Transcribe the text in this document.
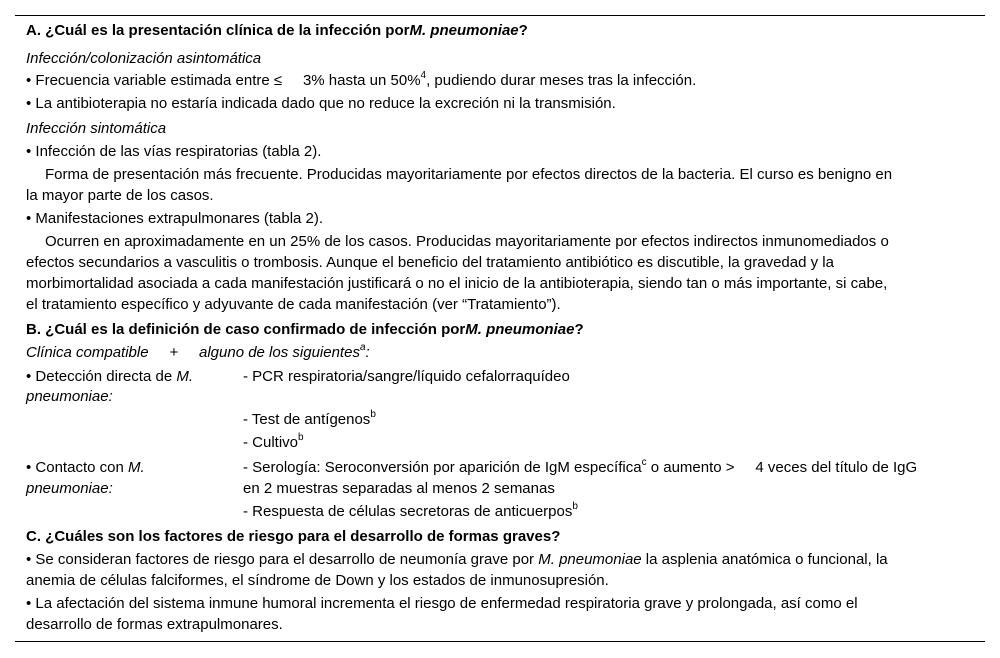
A. ¿Cuál es la presentación clínica de la infección porM. pneumoniae?
Infección/colonización asintomática
• Frecuencia variable estimada entre ≤     3% hasta un 50%$^4$, pudiendo durar meses tras la infección.
• La antibioterapia no estaría indicada dado que no reduce la excreción ni la transmisión.
Infección sintomática
• Infección de las vías respiratorias (tabla 2).
Forma de presentación más frecuente. Producidas mayoritariamente por efectos directos de la bacteria. El curso es benigno en
la mayor parte de los casos.
• Manifestaciones extrapulmonares (tabla 2).
Ocurren en aproximadamente en un 25% de los casos. Producidas mayoritariamente por efectos indirectos inmunomediados o
efectos secundarios a vasculitis o trombosis. Aunque el beneficio del tratamiento antibiótico es discutible, la gravedad y la
morbimortalidad asociada a cada manifestación justificará o no el inicio de la antibioterapia, siendo tan o más importante, si cabe,
el tratamiento específico y adyuvante de cada manifestación (ver “Tratamiento”).
B. ¿Cuál es la definición de caso confirmado de infección porM. pneumoniae?
Clínica compatible     +     alguno de los siguientes$^a$:
• Detección directa de M.
pneumoniae:
- PCR respiratoria/sangre/líquido cefalorraquídeo
- Test de antígenos$^b$
- Cultivo$^b$
• Contacto con M.
pneumoniae:
- Serología: Seroconversión por aparición de IgM específica$^c$ o aumento >     4 veces del título de IgG
en 2 muestras separadas al menos 2 semanas
- Respuesta de células secretoras de anticuerpos$^b$
C. ¿Cuáles son los factores de riesgo para el desarrollo de formas graves?
• Se consideran factores de riesgo para el desarrollo de neumonía grave por M. pneumoniae la asplenia anatómica o funcional, la
anemia de células falciformes, el síndrome de Down y los estados de inmunosupresión.
• La afectación del sistema inmune humoral incrementa el riesgo de enfermedad respiratoria grave y prolongada, así como el
desarrollo de formas extrapulmonares.
